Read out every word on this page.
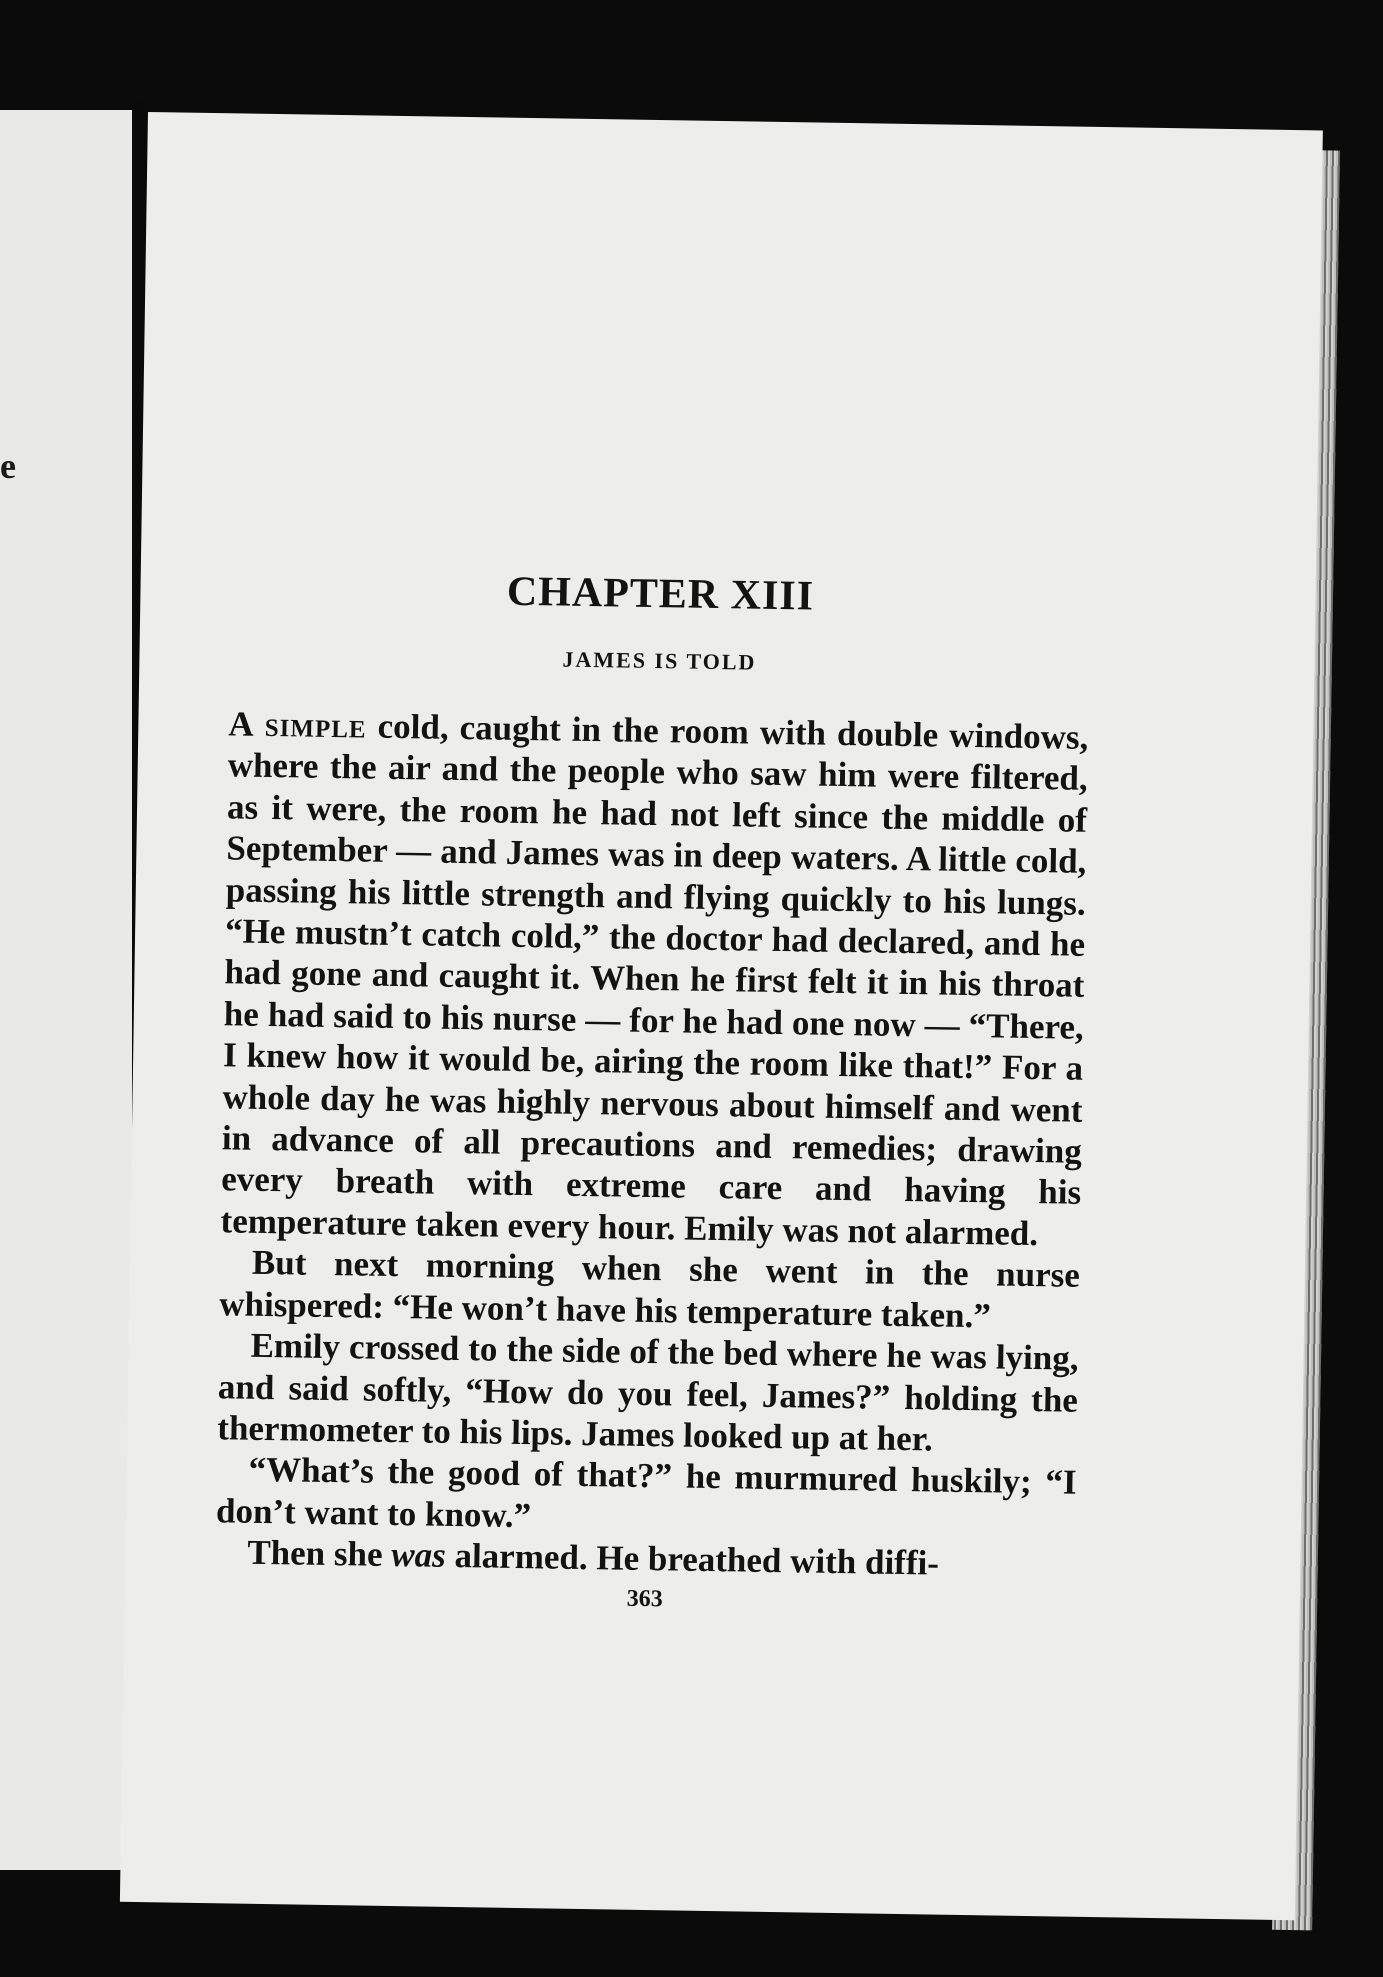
e
CHAPTER XIII
JAMES IS TOLD

A simple cold, caught in the room with double windows, where the air and the people who saw him were filtered, as it were, the room he had not left since the middle of September — and James was in deep waters. A little cold, passing his little strength and flying quickly to his lungs. “He mustn’t catch cold,” the doctor had declared, and he had gone and caught it. When he first felt it in his throat he had said to his nurse — for he had one now — “There, I knew how it would be, airing the room like that!” For a whole day he was highly nervous about himself and went in advance of all precautions and remedies; drawing every breath with extreme care and having his temperature taken every hour. Emily was not alarmed.

But next morning when she went in the nurse whispered: “He won’t have his temperature taken.”

Emily crossed to the side of the bed where he was lying, and said softly, “How do you feel, James?” holding the thermometer to his lips. James looked up at her.

“What’s the good of that?” he murmured huskily; “I don’t want to know.”

Then she was alarmed. He breathed with diffi-

363
